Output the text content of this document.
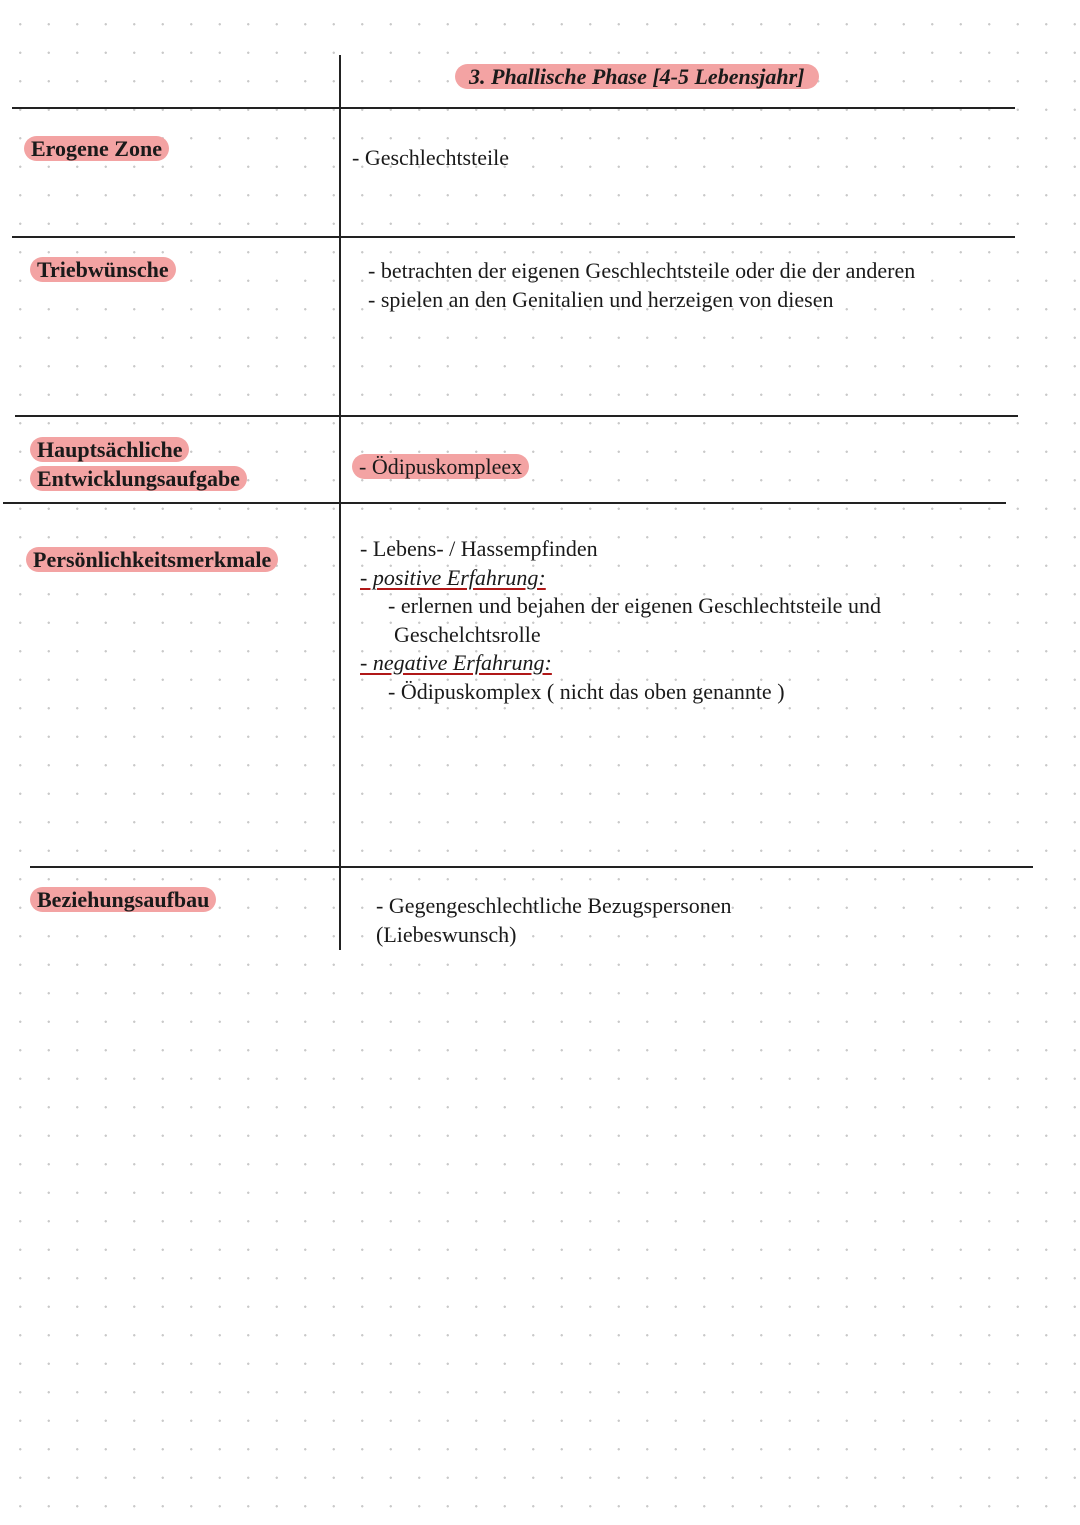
3. Phallische Phase [4-5 Lebensjahr]
Erogene Zone	- Geschlechtsteile
Triebwünsche	- betrachten der eigenen Geschlechtsteile oder die der anderen
- spielen an den Genitalien und herzeigen von diesen
Hauptsächliche
Entwicklungsaufgabe	- Ödipuskompleex
Persönlichkeitsmerkmale	- Lebens- / Hassempfinden
- positive Erfahrung:
- erlernen und bejahen der eigenen Geschlechtsteile und
Geschelchtsrolle
- negative Erfahrung:
- Ödipuskomplex ( nicht das oben genannte )
Beziehungsaufbau	- Gegengeschlechtliche Bezugspersonen
(Liebeswunsch)
